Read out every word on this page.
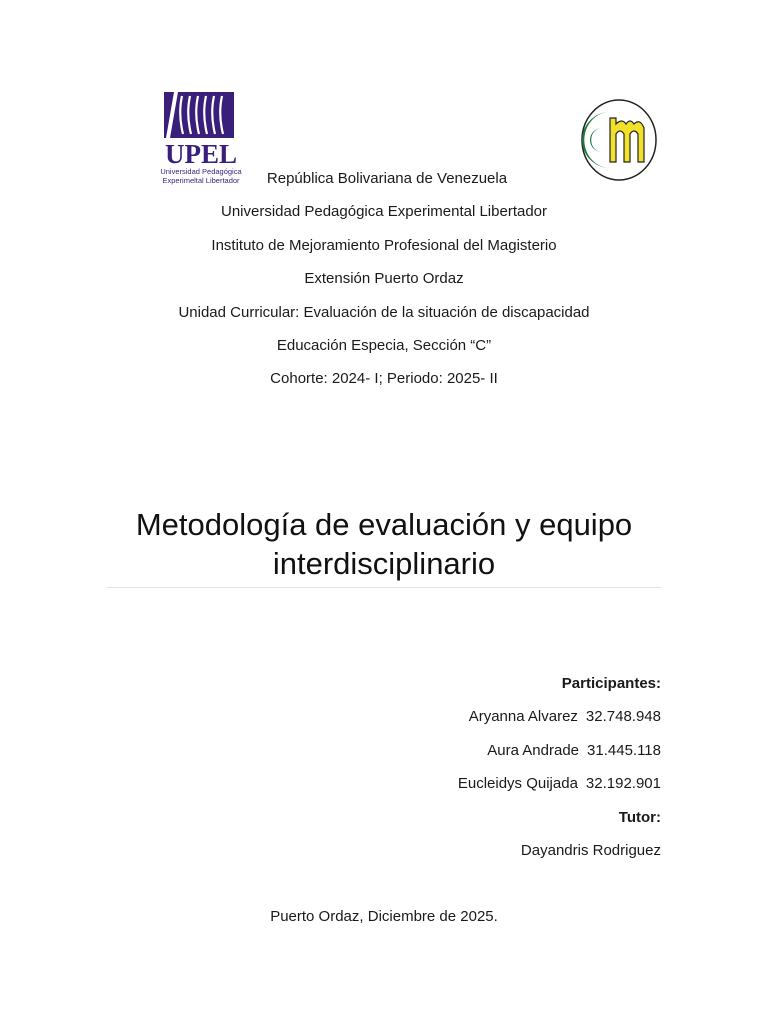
UPEL
Universidad Pedagógica
Experimeltal Libertador	República Bolivariana de Venezuela
Universidad Pedagógica Experimental Libertador
Instituto de Mejoramiento Profesional del Magisterio
Extensión Puerto Ordaz
Unidad Curricular: Evaluación de la situación de discapacidad
Educación Especia, Sección “C”
Cohorte: 2024- I; Periodo: 2025- II
Metodología de evaluación y equipo
interdisciplinario
Participantes:
Aryanna Alvarez 32.748.948
Aura Andrade 31.445.118
Eucleidys Quijada 32.192.901
Tutor:
Dayandris Rodriguez
Puerto Ordaz, Diciembre de 2025.
